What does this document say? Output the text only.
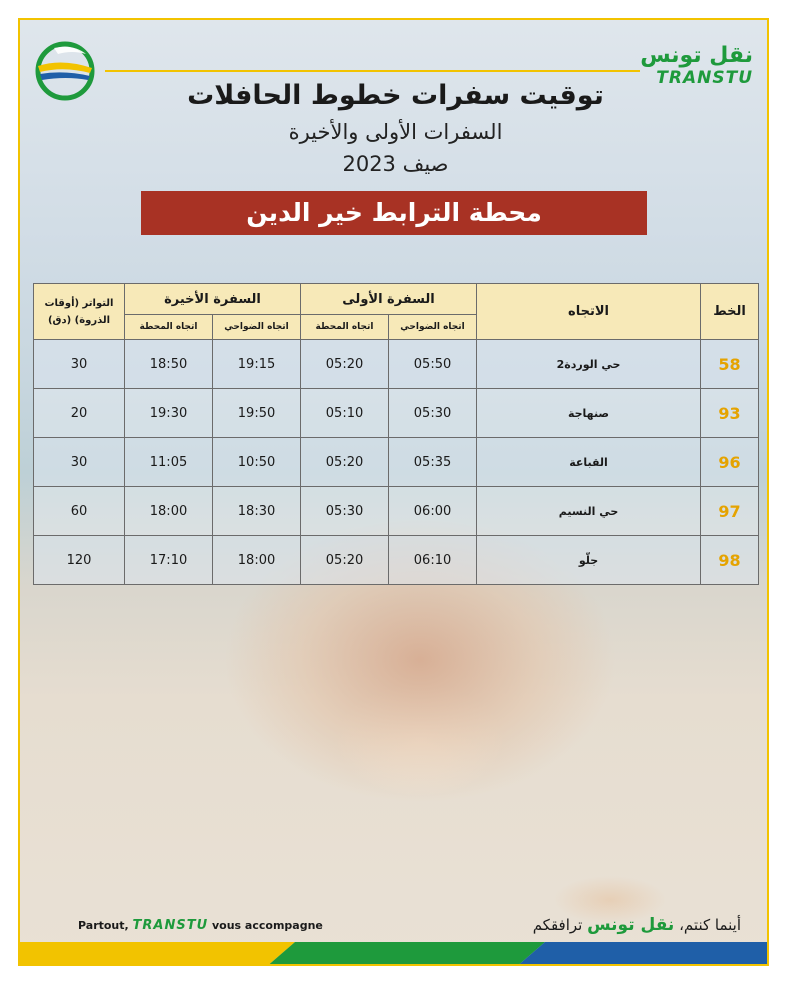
نقل تونس
TRANSTU
توقيت سفرات خطوط الحافلات
السفرات الأولى والأخيرة
صيف 2023
محطة الترابط خير الدين
الخط	الاتجاه	السفرة الأولى		السفرة الأخيرة		التواتر (أوقات
الذروة) (دق)

		اتجاه الضواحي	اتجاه المحطة	اتجاه الضواحي	اتجاه المحطة	
58	حي الوردة2	05:50	05:20	19:15	18:50	30
93	صنهاجة	05:30	05:10	19:50	19:30	20
96	القباعة	05:35	05:20	10:50	11:05	30
97	حي النسيم	06:00	05:30	18:30	18:00	60
98	جلّو	06:10	05:20	18:00	17:10	120
Partout, TRANSTU vous accompagne	أينما كنتم، نقل تونس ترافقكم
